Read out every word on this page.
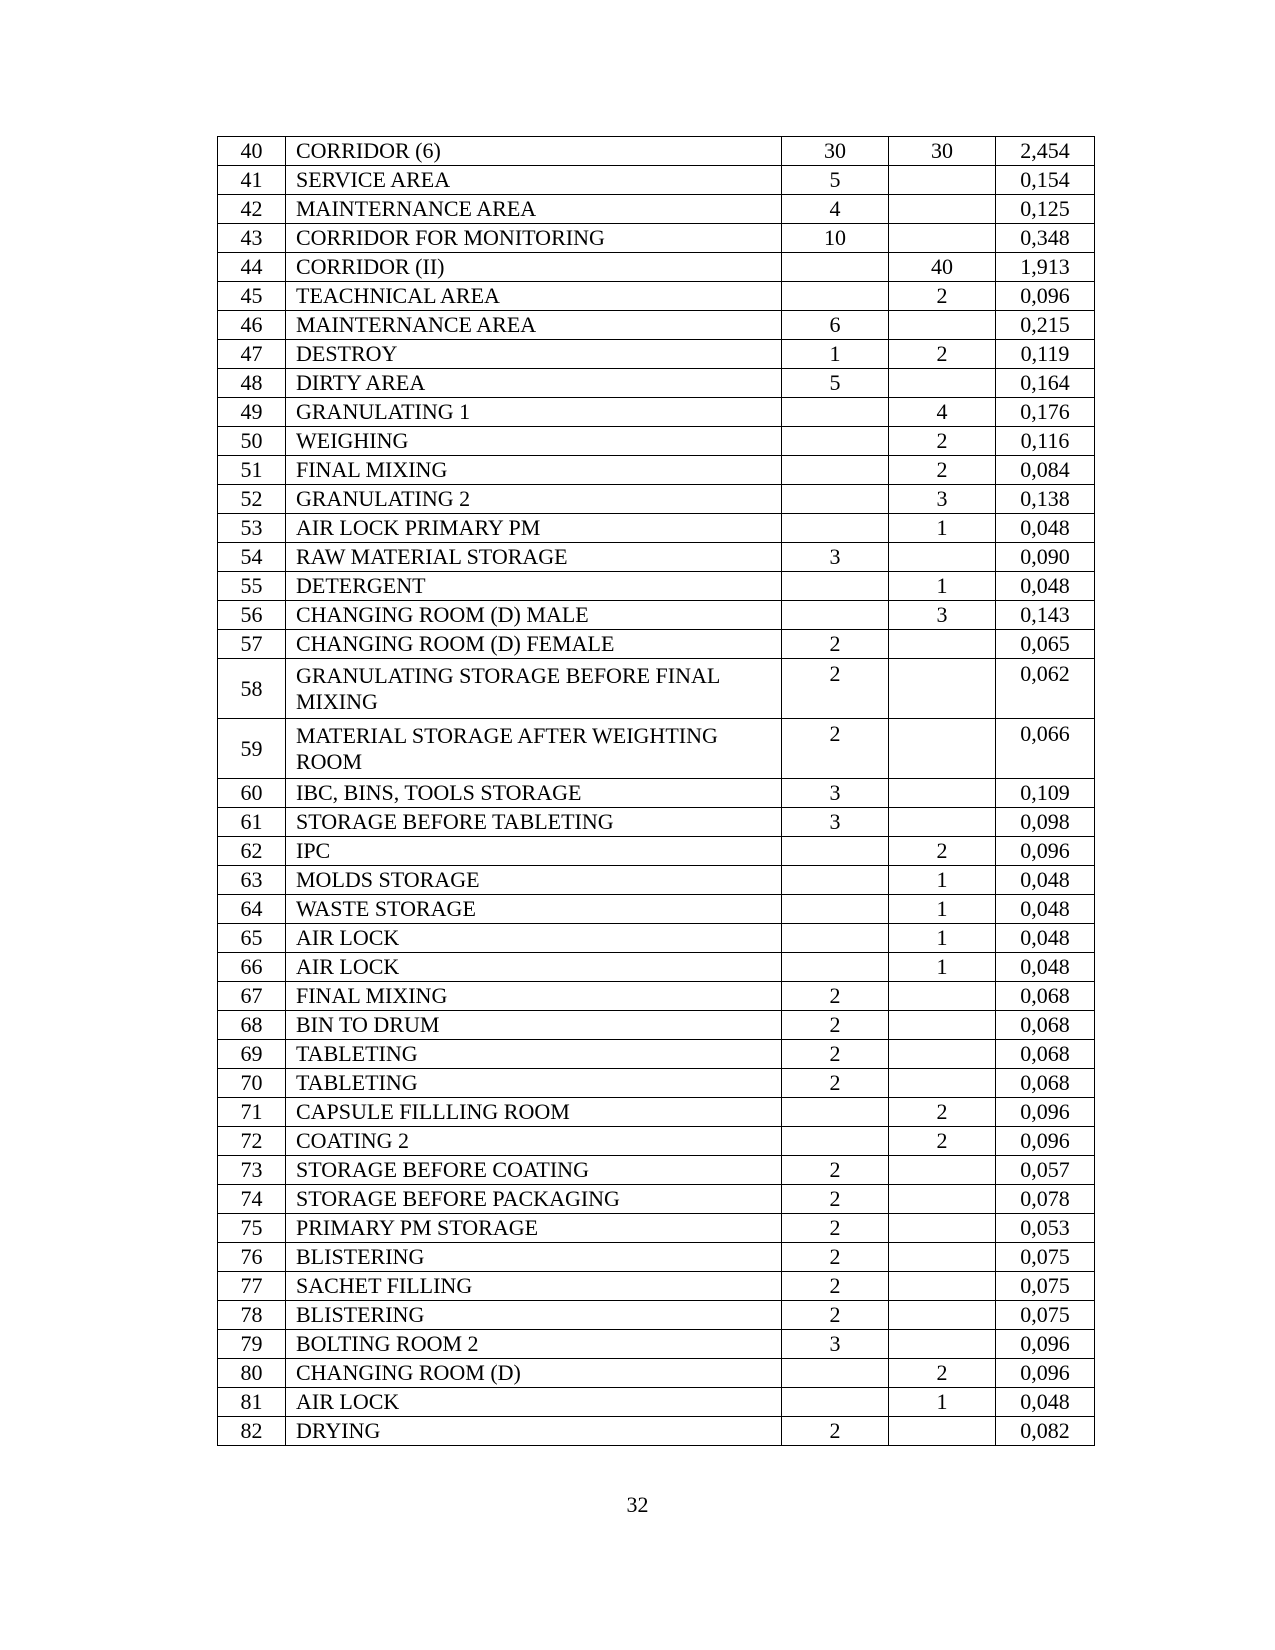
40	CORRIDOR (6)	30	30	2,454
41	SERVICE AREA	5		0,154
42	MAINTERNANCE AREA	4		0,125
43	CORRIDOR FOR MONITORING	10		0,348
44	CORRIDOR (II)		40	1,913
45	TEACHNICAL AREA		2	0,096
46	MAINTERNANCE AREA	6		0,215
47	DESTROY	1	2	0,119
48	DIRTY AREA	5		0,164
49	GRANULATING 1		4	0,176
50	WEIGHING		2	0,116
51	FINAL MIXING		2	0,084
52	GRANULATING 2		3	0,138
53	AIR LOCK PRIMARY PM		1	0,048
54	RAW MATERIAL STORAGE	3		0,090
55	DETERGENT		1	0,048
56	CHANGING ROOM (D) MALE		3	0,143
57	CHANGING ROOM (D) FEMALE	2		0,065
58	GRANULATING STORAGE BEFORE FINAL MIXING	2		0,062
59	MATERIAL STORAGE AFTER WEIGHTING ROOM	2		0,066
60	IBC, BINS, TOOLS STORAGE	3		0,109
61	STORAGE BEFORE TABLETING	3		0,098
62	IPC		2	0,096
63	MOLDS STORAGE		1	0,048
64	WASTE STORAGE		1	0,048
65	AIR LOCK		1	0,048
66	AIR LOCK		1	0,048
67	FINAL MIXING	2		0,068
68	BIN TO DRUM	2		0,068
69	TABLETING	2		0,068
70	TABLETING	2		0,068
71	CAPSULE FILLLING ROOM		2	0,096
72	COATING 2		2	0,096
73	STORAGE BEFORE COATING	2		0,057
74	STORAGE BEFORE PACKAGING	2		0,078
75	PRIMARY PM STORAGE	2		0,053
76	BLISTERING	2		0,075
77	SACHET FILLING	2		0,075
78	BLISTERING	2		0,075
79	BOLTING ROOM 2	3		0,096
80	CHANGING ROOM (D)		2	0,096
81	AIR LOCK		1	0,048
82	DRYING	2		0,082
32
